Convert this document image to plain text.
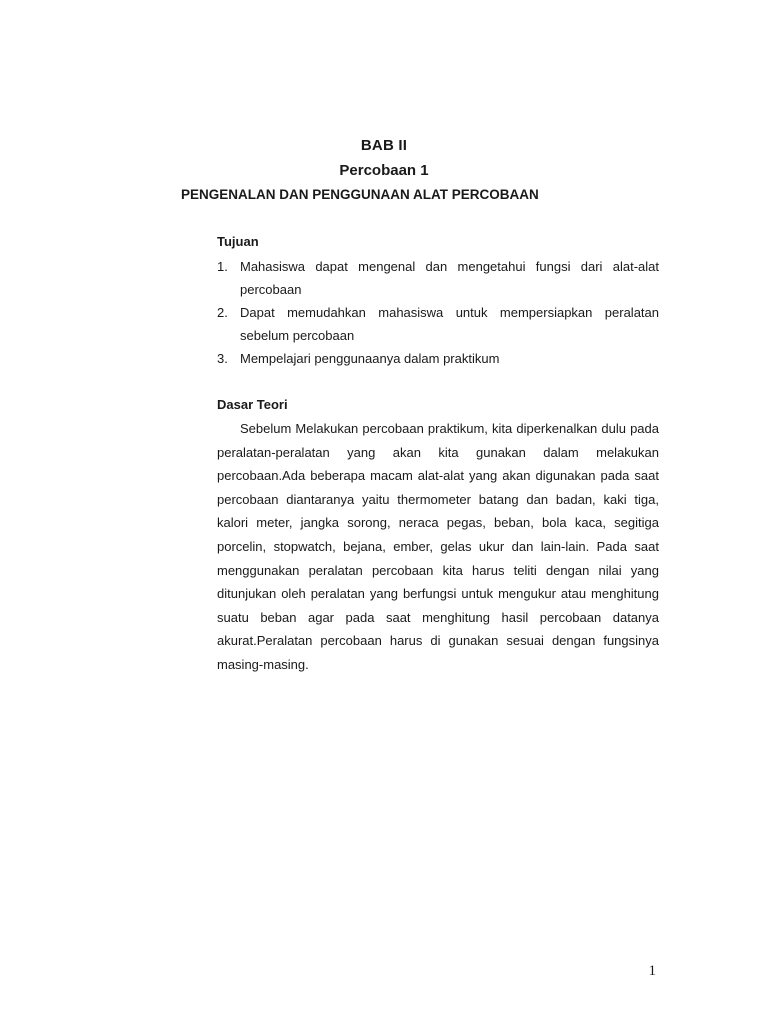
BAB II
Percobaan 1
PENGENALAN DAN PENGGUNAAN ALAT PERCOBAAN
Tujuan
1. Mahasiswa dapat mengenal dan mengetahui fungsi dari alat-alat percobaan
2. Dapat memudahkan mahasiswa untuk mempersiapkan peralatan sebelum percobaan
3. Mempelajari penggunaanya dalam praktikum
Dasar Teori
Sebelum Melakukan percobaan praktikum, kita diperkenalkan dulu pada peralatan-peralatan yang akan kita gunakan dalam melakukan percobaan.Ada beberapa macam alat-alat yang akan digunakan pada saat percobaan diantaranya yaitu thermometer batang dan badan, kaki tiga, kalori meter, jangka sorong, neraca pegas, beban, bola kaca, segitiga porcelin, stopwatch, bejana, ember, gelas ukur dan lain-lain. Pada saat menggunakan peralatan percobaan kita harus teliti dengan nilai yang ditunjukan oleh peralatan yang berfungsi untuk mengukur atau menghitung suatu beban agar pada saat menghitung hasil percobaan datanya akurat.Peralatan percobaan harus di gunakan sesuai dengan fungsinya masing-masing.
1
